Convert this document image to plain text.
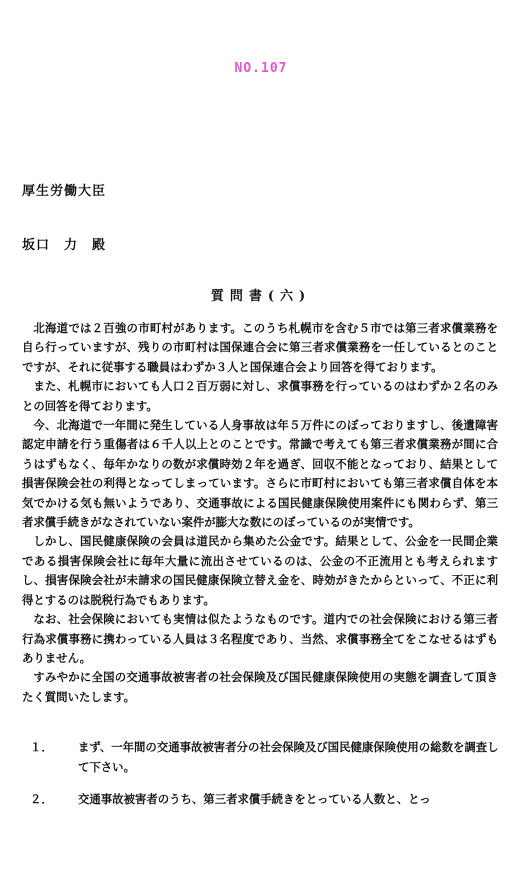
NO.107
厚生労働大臣
坂口　力　殿
質問書(六)

北海道では２百強の市町村があります。このうち札幌市を含む５市では第三者求償業務を自ら行っていますが、残りの市町村は国保連合会に第三者求償業務を一任しているとのことですが、それに従事する職員はわずか３人と国保連合会より回答を得ております。

また、札幌市においても人口２百万弱に対し、求償事務を行っているのはわずか２名のみとの回答を得ております。

今、北海道で一年間に発生している人身事故は年５万件にのぼっておりますし、後遺障害認定申請を行う重傷者は６千人以上とのことです。常識で考えても第三者求償業務が間に合うはずもなく、毎年かなりの数が求償時効２年を過ぎ、回収不能となっており、結果として損害保険会社の利得となってしまっています。さらに市町村においても第三者求償自体を本気でかける気も無いようであり、交通事故による国民健康保険使用案件にも関わらず、第三者求償手続きがなされていない案件が膨大な数にのぼっているのが実情です。

しかし、国民健康保険の会員は道民から集めた公金です。結果として、公金を一民間企業である損害保険会社に毎年大量に流出させているのは、公金の不正流用とも考えられますし、損害保険会社が未請求の国民健康保険立替え金を、時効がきたからといって、不正に利得とするのは脱税行為でもあります。

なお、社会保険においても実情は似たようなものです。道内での社会保険における第三者行為求償事務に携わっている人員は３名程度であり、当然、求償事務全てをこなせるはずもありません。

すみやかに全国の交通事故被害者の社会保険及び国民健康保険使用の実態を調査して頂きたく質問いたします。

１． まず、一年間の交通事故被害者分の社会保険及び国民健康保険使用の総数を調査して下さい。
２． 交通事故被害者のうち、第三者求償手続きをとっている人数と、とっ
